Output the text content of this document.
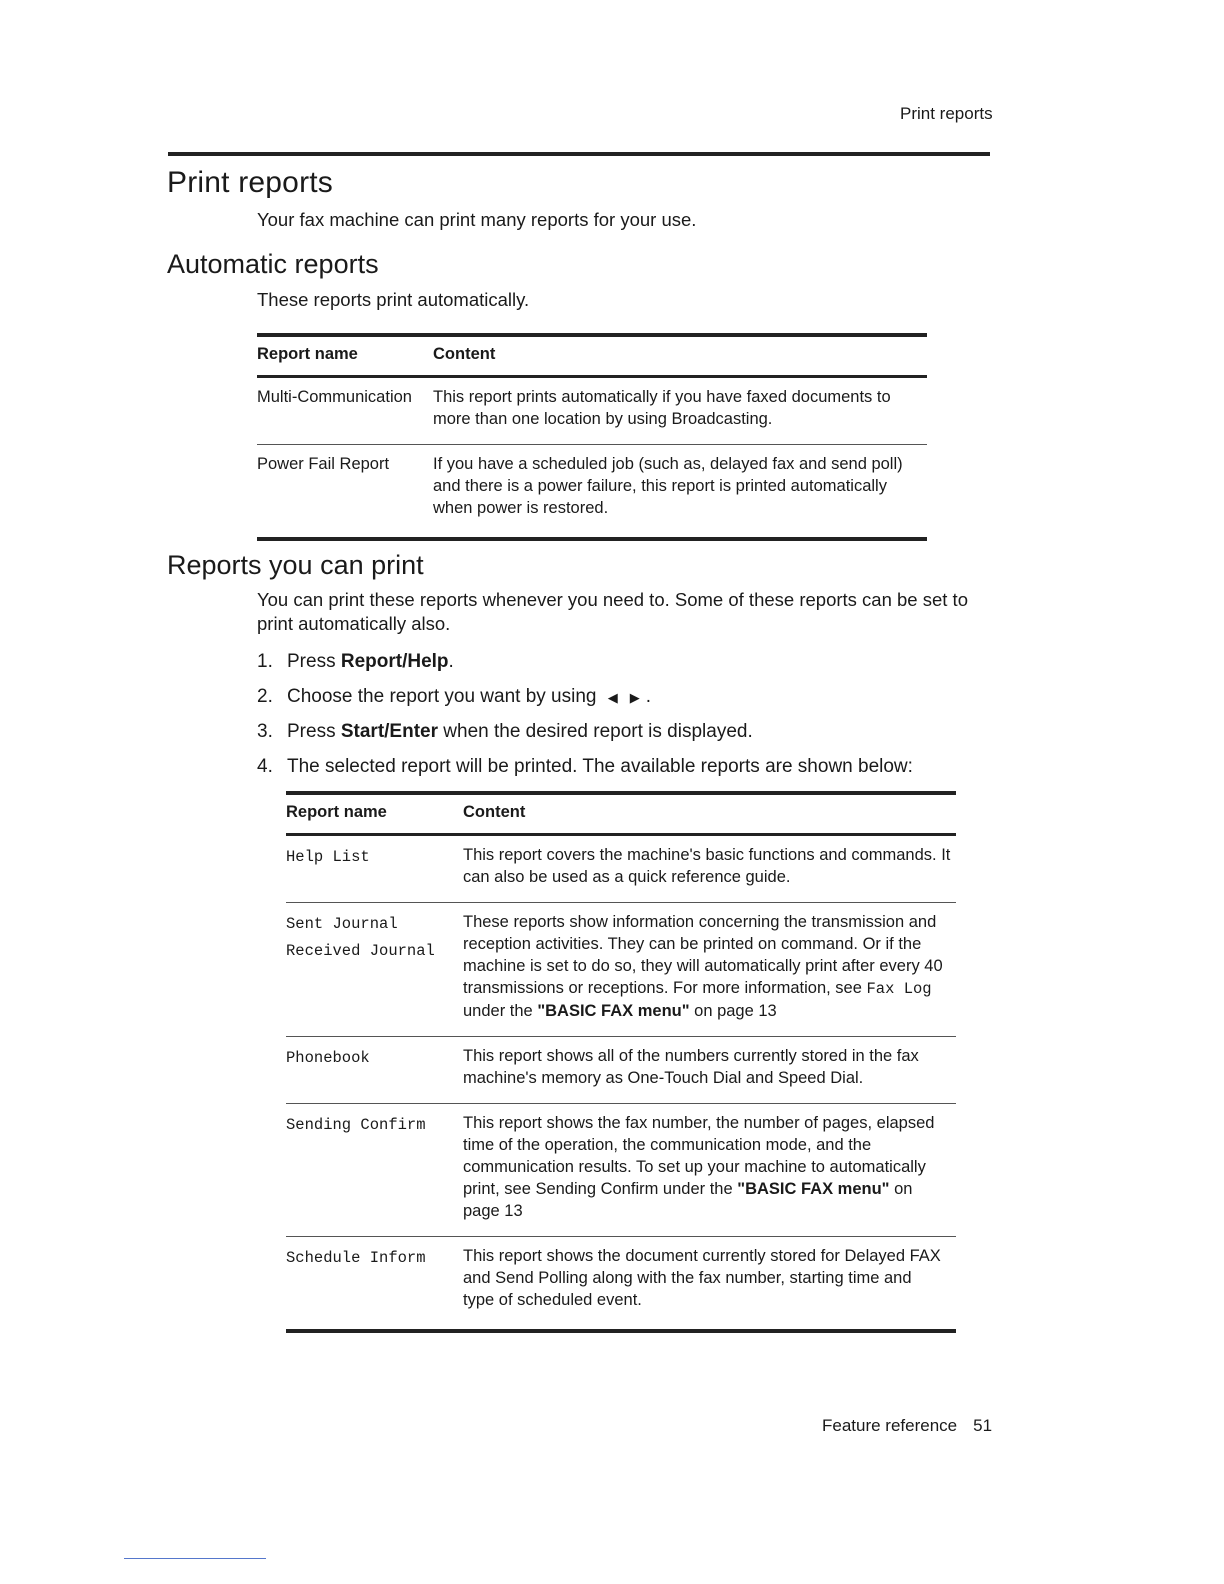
Print reports
Print reports
Your fax machine can print many reports for your use.
Automatic reports
These reports print automatically.
Report name	Content
Multi-Communication	This report prints automatically if you have faxed documents to more than one location by using Broadcasting.
Power Fail Report	If you have a scheduled job (such as, delayed fax and send poll) and there is a power failure, this report is printed automatically when power is restored.
Reports you can print
You can print these reports whenever you need to. Some of these reports can be set to print automatically also.
1. Press Report/Help.
2. Choose the report you want by using ◀ ▶ .
3. Press Start/Enter when the desired report is displayed.
4. The selected report will be printed. The available reports are shown below:
Report name	Content

Help List	This report covers the machine's basic functions and commands. It can also be used as a quick reference guide.

Sent Journal
Received Journal	These reports show information concerning the transmission and reception activities. They can be printed on command. Or if the machine is set to do so, they will automatically print after every 40 transmissions or receptions. For more information, see Fax Log under the "BASIC FAX menu" on page 13

Phonebook	This report shows all of the numbers currently stored in the fax machine's memory as One-Touch Dial and Speed Dial.

Sending Confirm	This report shows the fax number, the number of pages, elapsed time of the operation, the communication mode, and the communication results. To set up your machine to automatically print, see Sending Confirm under the "BASIC FAX menu" on page 13

Schedule Inform	This report shows the document currently stored for Delayed FAX and Send Polling along with the fax number, starting time and type of scheduled event.
Feature reference 51
